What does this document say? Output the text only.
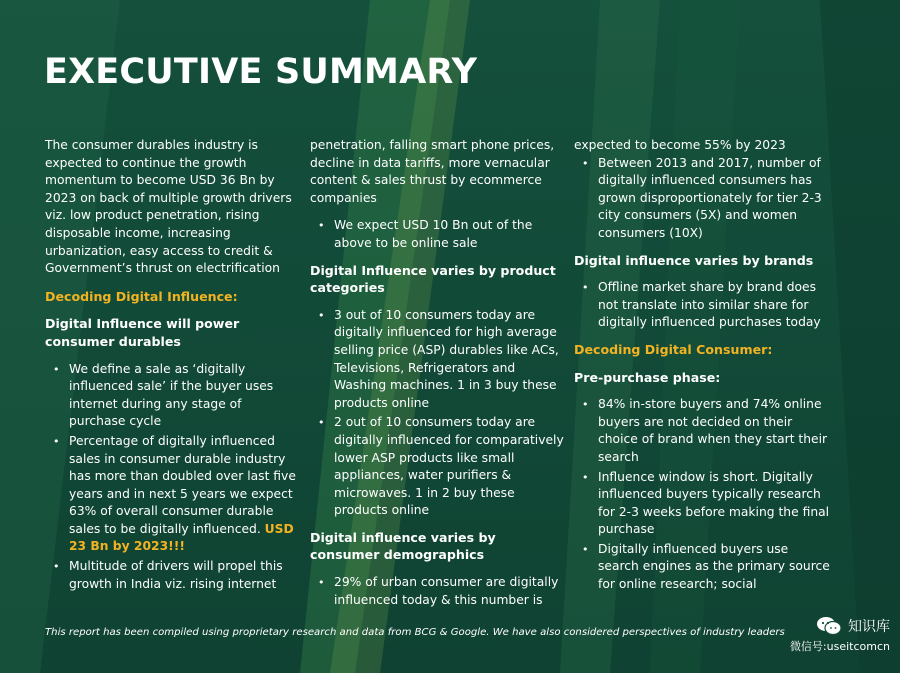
EXECUTIVE SUMMARY

The consumer durables industry is expected to continue the growth momentum to become USD 36 Bn by 2023 on back of multiple growth drivers viz. low product penetration, rising disposable income, increasing urbanization, easy access to credit & Government’s thrust on electrification

Decoding Digital Influence:

Digital Influence will power consumer durables

• We define a sale as ‘digitally influenced sale’ if the buyer uses internet during any stage of purchase cycle
• Percentage of digitally influenced sales in consumer durable industry has more than doubled over last five years and in next 5 years we expect 63% of overall consumer durable sales to be digitally influenced. USD 23 Bn by 2023!!!
• Multitude of drivers will propel this growth in India viz. rising internet

penetration, falling smart phone prices, decline in data tariffs, more vernacular content & sales thrust by ecommerce companies

• We expect USD 10 Bn out of the above to be online sale

Digital Influence varies by product categories

• 3 out of 10 consumers today are digitally influenced for high average selling price (ASP) durables like ACs, Televisions, Refrigerators and Washing machines. 1 in 3 buy these products online
• 2 out of 10 consumers today are digitally influenced for comparatively lower ASP products like small appliances, water purifiers & microwaves. 1 in 2 buy these products online

Digital influence varies by consumer demographics

• 29% of urban consumer are digitally influenced today & this number is

expected to become 55% by 2023

• Between 2013 and 2017, number of digitally influenced consumers has grown disproportionately for tier 2-3 city consumers (5X) and women consumers (10X)

Digital influence varies by brands

• Offline market share by brand does not translate into similar share for digitally influenced purchases today

Decoding Digital Consumer:

Pre-purchase phase:

• 84% in-store buyers and 74% online buyers are not decided on their choice of brand when they start their search
• Influence window is short. Digitally influenced buyers typically research for 2-3 weeks before making the final purchase
• Digitally influenced buyers use search engines as the primary source for online research; social
This report has been compiled using proprietary research and data from BCG & Google. We have also considered perspectives of industry leaders	知识库
微信号:useitcomcn
